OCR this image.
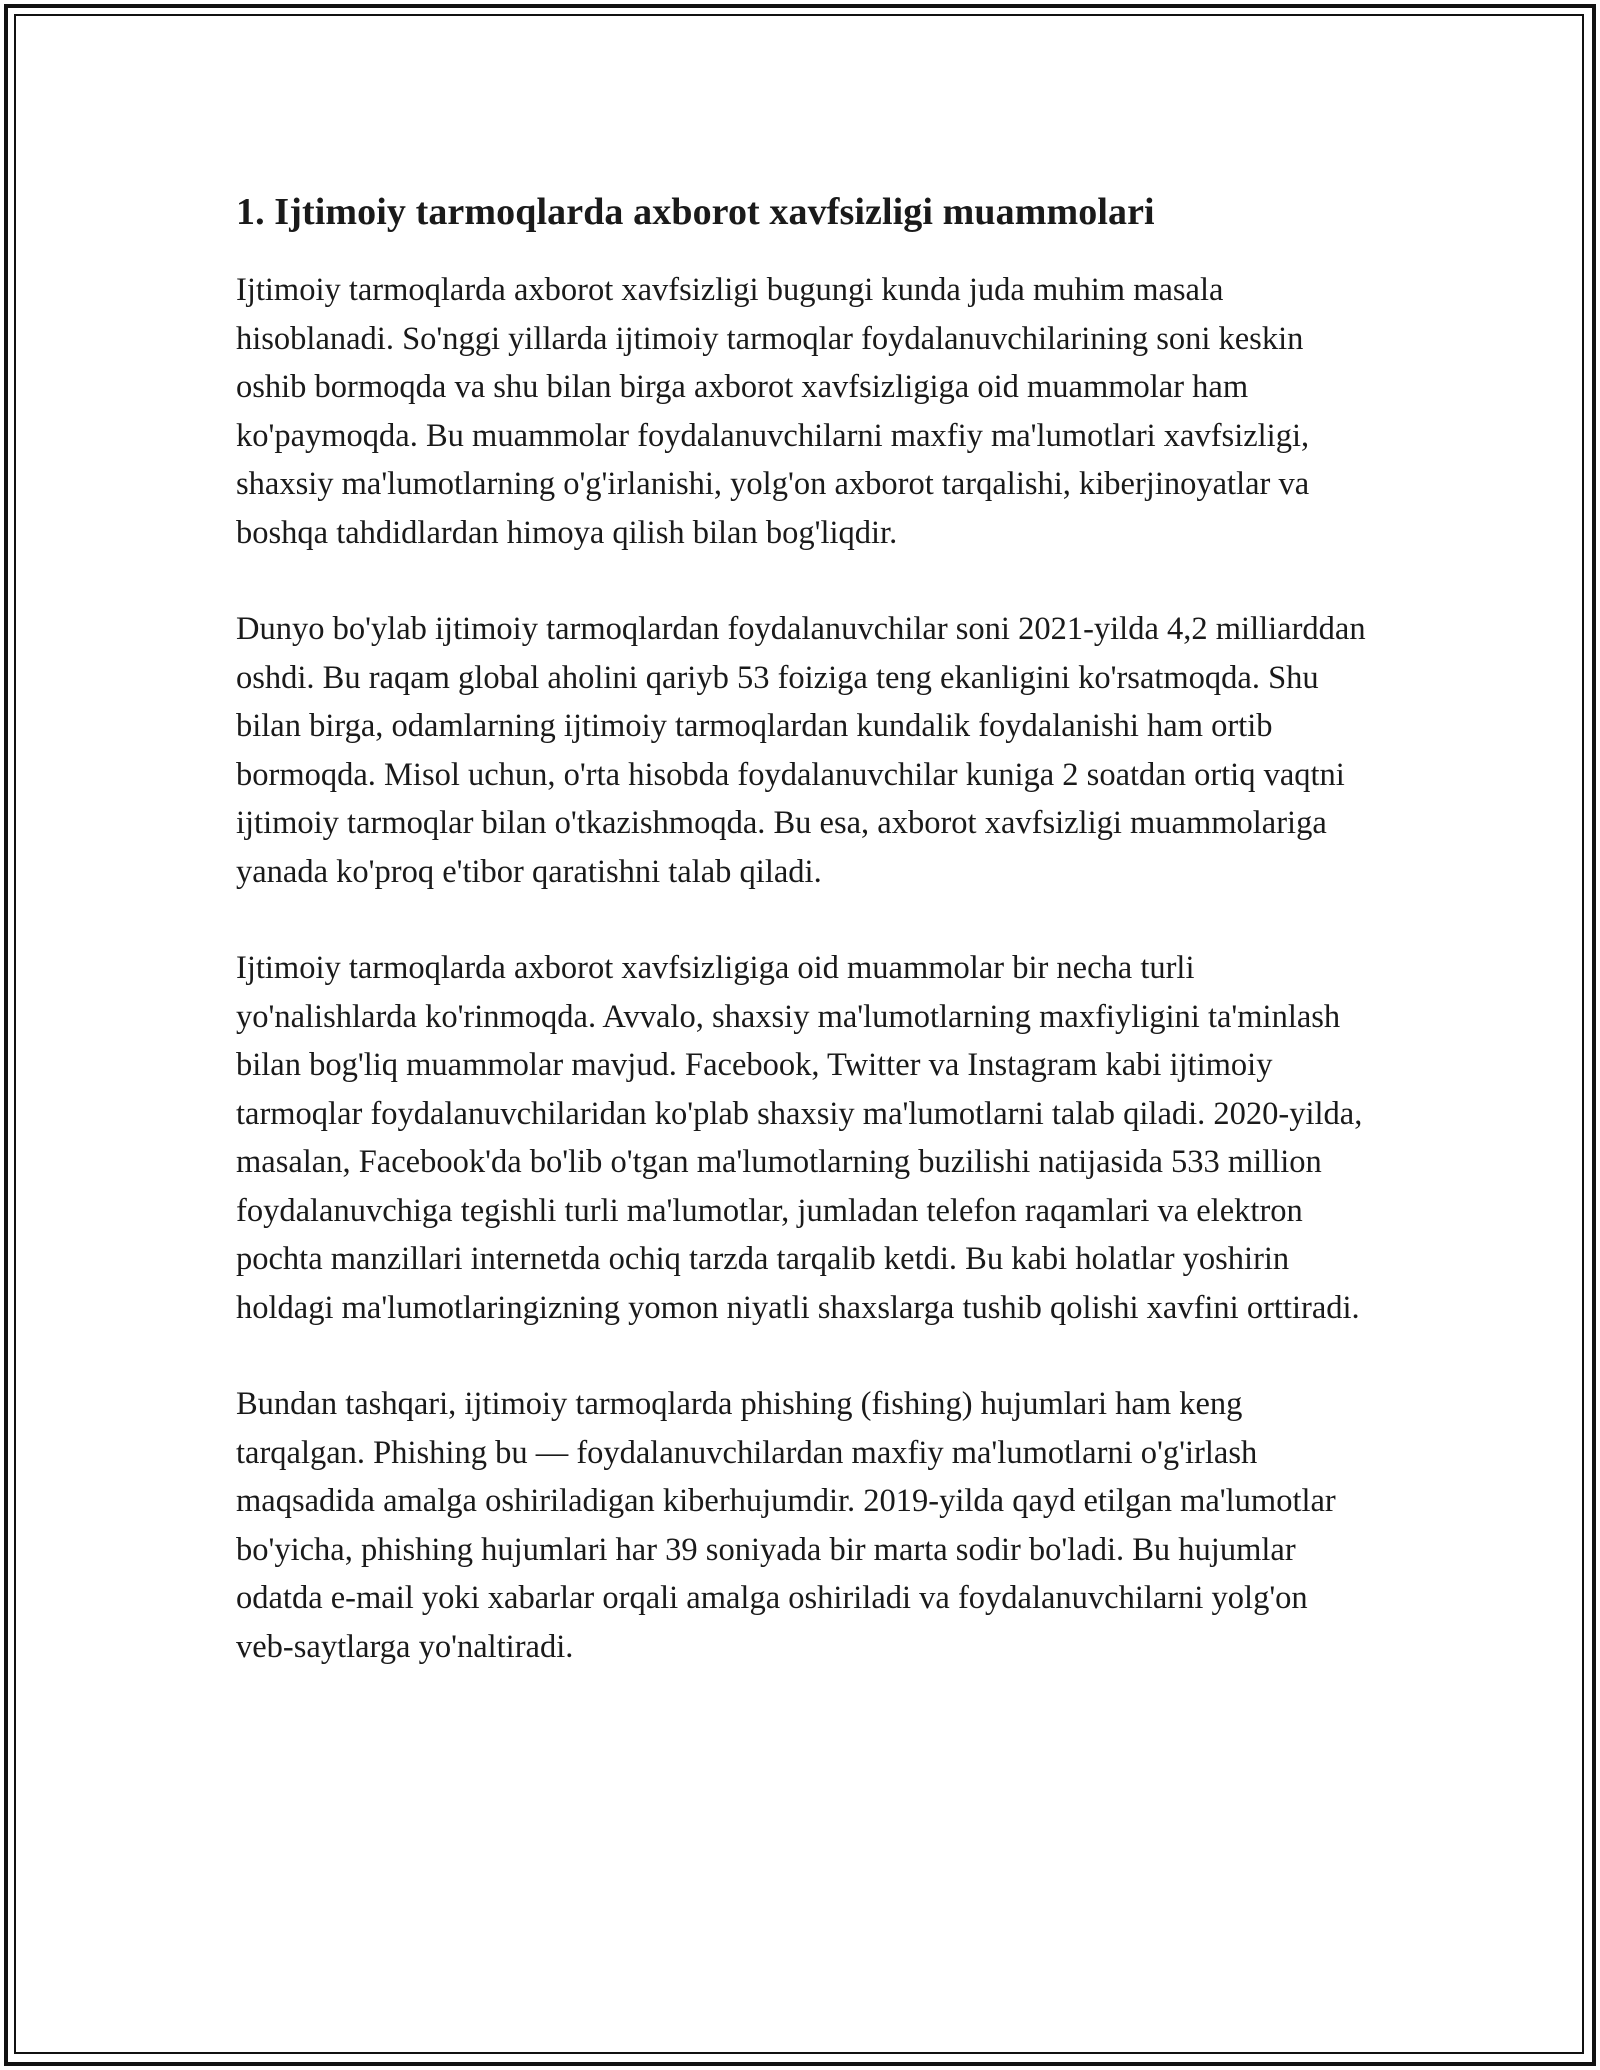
1. Ijtimoiy tarmoqlarda axborot xavfsizligi muammolari

Ijtimoiy tarmoqlarda axborot xavfsizligi bugungi kunda juda muhim masala hisoblanadi. So'nggi yillarda ijtimoiy tarmoqlar foydalanuvchilarining soni keskin oshib bormoqda va shu bilan birga axborot xavfsizligiga oid muammolar ham ko'paymoqda. Bu muammolar foydalanuvchilarni maxfiy ma'lumotlari xavfsizligi, shaxsiy ma'lumotlarning o'g'irlanishi, yolg'on axborot tarqalishi, kiberjinoyatlar va boshqa tahdidlardan himoya qilish bilan bog'liqdir.

Dunyo bo'ylab ijtimoiy tarmoqlardan foydalanuvchilar soni 2021-yilda 4,2 milliarddan oshdi. Bu raqam global aholini qariyb 53 foiziga teng ekanligini ko'rsatmoqda. Shu bilan birga, odamlarning ijtimoiy tarmoqlardan kundalik foydalanishi ham ortib bormoqda. Misol uchun, o'rta hisobda foydalanuvchilar kuniga 2 soatdan ortiq vaqtni ijtimoiy tarmoqlar bilan o'tkazishmoqda. Bu esa, axborot xavfsizligi muammolariga yanada ko'proq e'tibor qaratishni talab qiladi.

Ijtimoiy tarmoqlarda axborot xavfsizligiga oid muammolar bir necha turli yo'nalishlarda ko'rinmoqda. Avvalo, shaxsiy ma'lumotlarning maxfiyligini ta'minlash bilan bog'liq muammolar mavjud. Facebook, Twitter va Instagram kabi ijtimoiy tarmoqlar foydalanuvchilaridan ko'plab shaxsiy ma'lumotlarni talab qiladi. 2020-yilda, masalan, Facebook'da bo'lib o'tgan ma'lumotlarning buzilishi natijasida 533 million foydalanuvchiga tegishli turli ma'lumotlar, jumladan telefon raqamlari va elektron pochta manzillari internetda ochiq tarzda tarqalib ketdi. Bu kabi holatlar yoshirin holdagi ma'lumotlaringizning yomon niyatli shaxslarga tushib qolishi xavfini orttiradi.

Bundan tashqari, ijtimoiy tarmoqlarda phishing (fishing) hujumlari ham keng tarqalgan. Phishing bu — foydalanuvchilardan maxfiy ma'lumotlarni o'g'irlash maqsadida amalga oshiriladigan kiberhujumdir. 2019-yilda qayd etilgan ma'lumotlar bo'yicha, phishing hujumlari har 39 soniyada bir marta sodir bo'ladi. Bu hujumlar odatda e-mail yoki xabarlar orqali amalga oshiriladi va foydalanuvchilarni yolg'on veb-saytlarga yo'naltiradi.
